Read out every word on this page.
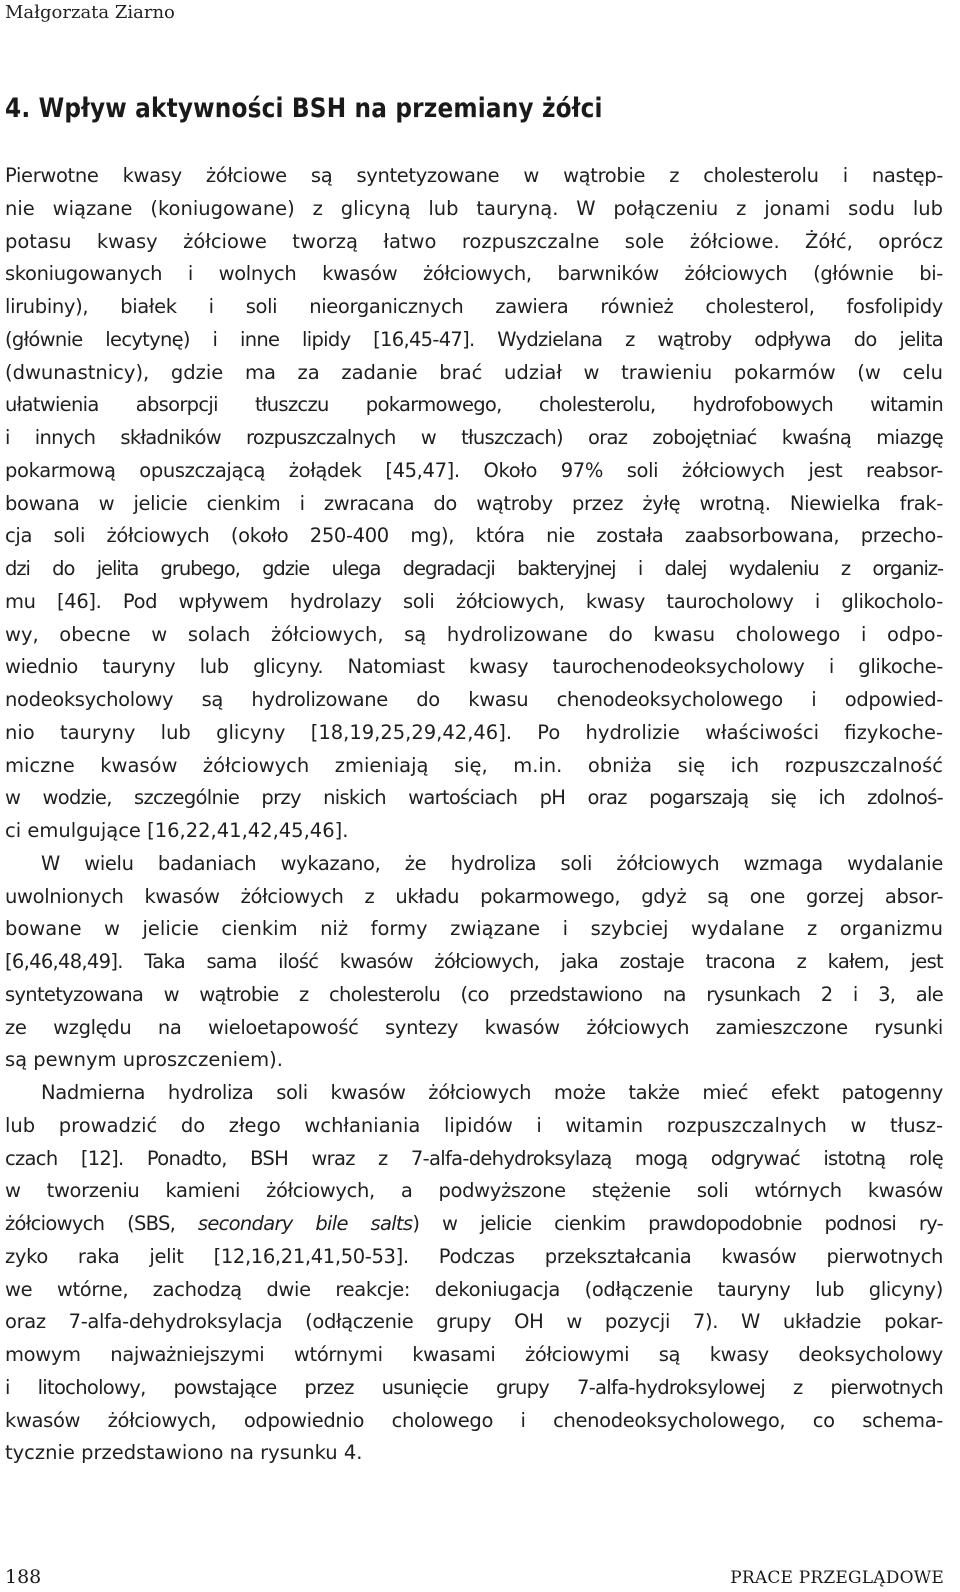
Małgorzata Ziarno
4. Wpływ aktywności BSH na przemiany żółci

Pierwotne kwasy żółciowe są syntetyzowane w wątrobie z cholesterolu i następ-
nie wiązane (koniugowane) z glicyną lub tauryną. W połączeniu z jonami sodu lub
potasu kwasy żółciowe tworzą łatwo rozpuszczalne sole żółciowe. Żółć, oprócz
skoniugowanych i wolnych kwasów żółciowych, barwników żółciowych (głównie bi-
lirubiny), białek i soli nieorganicznych zawiera również cholesterol, fosfolipidy
(głównie lecytynę) i inne lipidy [16,45-47]. Wydzielana z wątroby odpływa do jelita
(dwunastnicy), gdzie ma za zadanie brać udział w trawieniu pokarmów (w celu
ułatwienia absorpcji tłuszczu pokarmowego, cholesterolu, hydrofobowych witamin
i innych składników rozpuszczalnych w tłuszczach) oraz zobojętniać kwaśną miazgę
pokarmową opuszczającą żołądek [45,47]. Około 97% soli żółciowych jest reabsor-
bowana w jelicie cienkim i zwracana do wątroby przez żyłę wrotną. Niewielka frak-
cja soli żółciowych (około 250-400 mg), która nie została zaabsorbowana, przecho-
dzi do jelita grubego, gdzie ulega degradacji bakteryjnej i dalej wydaleniu z organiz-
mu [46]. Pod wpływem hydrolazy soli żółciowych, kwasy taurocholowy i glikocholo-
wy, obecne w solach żółciowych, są hydrolizowane do kwasu cholowego i odpo-
wiednio tauryny lub glicyny. Natomiast kwasy taurochenodeoksycholowy i glikoche-
nodeoksycholowy są hydrolizowane do kwasu chenodeoksycholowego i odpowied-
nio tauryny lub glicyny [18,19,25,29,42,46]. Po hydrolizie właściwości fizykoche-
miczne kwasów żółciowych zmieniają się, m.in. obniża się ich rozpuszczalność
w wodzie, szczególnie przy niskich wartościach pH oraz pogarszają się ich zdolnoś-
ci emulgujące [16,22,41,42,45,46].

W wielu badaniach wykazano, że hydroliza soli żółciowych wzmaga wydalanie
uwolnionych kwasów żółciowych z układu pokarmowego, gdyż są one gorzej absor-
bowane w jelicie cienkim niż formy związane i szybciej wydalane z organizmu
[6,46,48,49]. Taka sama ilość kwasów żółciowych, jaka zostaje tracona z kałem, jest
syntetyzowana w wątrobie z cholesterolu (co przedstawiono na rysunkach 2 i 3, ale
ze względu na wieloetapowość syntezy kwasów żółciowych zamieszczone rysunki
są pewnym uproszczeniem).

Nadmierna hydroliza soli kwasów żółciowych może także mieć efekt patogenny
lub prowadzić do złego wchłaniania lipidów i witamin rozpuszczalnych w tłusz-
czach [12]. Ponadto, BSH wraz z 7-alfa-dehydroksylazą mogą odgrywać istotną rolę
w tworzeniu kamieni żółciowych, a podwyższone stężenie soli wtórnych kwasów
żółciowych (SBS, secondary bile salts) w jelicie cienkim prawdopodobnie podnosi ry-
zyko raka jelit [12,16,21,41,50-53]. Podczas przekształcania kwasów pierwotnych
we wtórne, zachodzą dwie reakcje: dekoniugacja (odłączenie tauryny lub glicyny)
oraz 7-alfa-dehydroksylacja (odłączenie grupy OH w pozycji 7). W układzie pokar-
mowym najważniejszymi wtórnymi kwasami żółciowymi są kwasy deoksycholowy
i litocholowy, powstające przez usunięcie grupy 7-alfa-hydroksylowej z pierwotnych
kwasów żółciowych, odpowiednio cholowego i chenodeoksycholowego, co schema-
tycznie przedstawiono na rysunku 4.

188	PRACE PRZEGLĄDOWE
